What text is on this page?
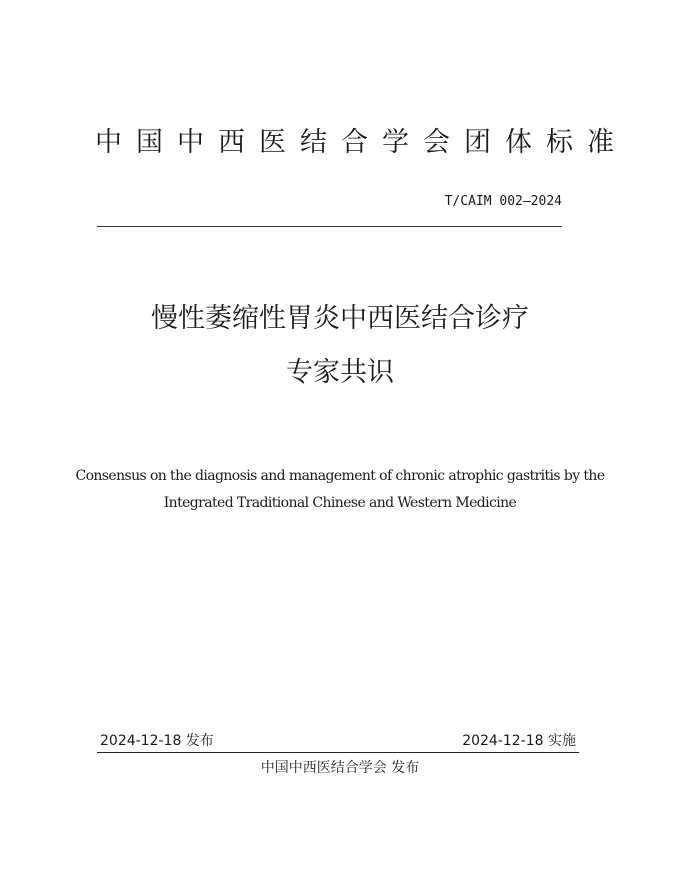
中国中西医结合学会团体标准
T/CAIM 002—2024
慢性萎缩性胃炎中西医结合诊疗
专家共识
Consensus on the diagnosis and management of chronic atrophic gastritis by the
Integrated Traditional Chinese and Western Medicine
2024-12-18 发布	2024-12-18 实施
中国中西医结合学会 发布
